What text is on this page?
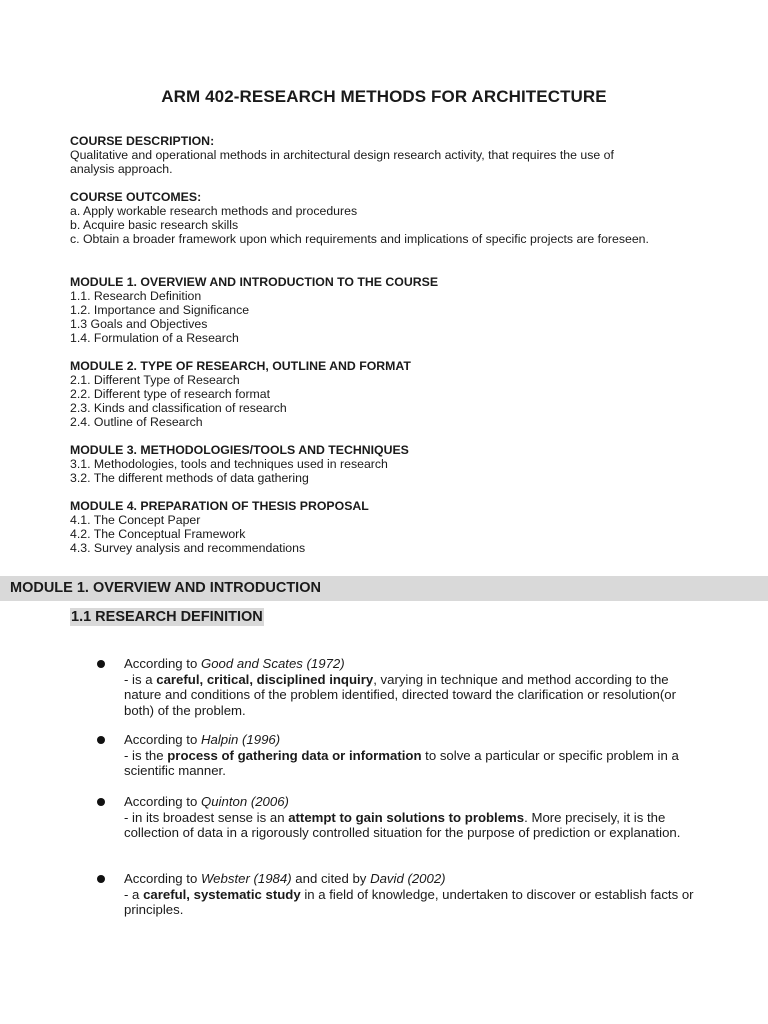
ARM 402-RESEARCH METHODS FOR ARCHITECTURE
COURSE DESCRIPTION:
Qualitative and operational methods in architectural design research activity, that requires the use of
analysis approach.
COURSE OUTCOMES:
a. Apply workable research methods and procedures
b. Acquire basic research skills
c. Obtain a broader framework upon which requirements and implications of specific projects are foreseen.
MODULE 1. OVERVIEW AND INTRODUCTION TO THE COURSE
1.1. Research Definition
1.2. Importance and Significance
1.3 Goals and Objectives
1.4. Formulation of a Research
MODULE 2. TYPE OF RESEARCH, OUTLINE AND FORMAT
2.1. Different Type of Research
2.2. Different type of research format
2.3. Kinds and classification of research
2.4. Outline of Research
MODULE 3. METHODOLOGIES/TOOLS AND TECHNIQUES
3.1. Methodologies, tools and techniques used in research
3.2. The different methods of data gathering
MODULE 4. PREPARATION OF THESIS PROPOSAL
4.1. The Concept Paper
4.2. The Conceptual Framework
4.3. Survey analysis and recommendations
MODULE 1. OVERVIEW AND INTRODUCTION
1.1 RESEARCH DEFINITION
According to Good and Scates (1972)
- is a careful, critical, disciplined inquiry, varying in technique and method according to the nature and conditions of the problem identified, directed toward the clarification or resolution(or both) of the problem.
According to Halpin (1996)
- is the process of gathering data or information to solve a particular or specific problem in a scientific manner.
According to Quinton (2006)
- in its broadest sense is an attempt to gain solutions to problems. More precisely, it is the collection of data in a rigorously controlled situation for the purpose of prediction or explanation.
According to Webster (1984) and cited by David (2002)
- a careful, systematic study in a field of knowledge, undertaken to discover or establish facts or principles.
